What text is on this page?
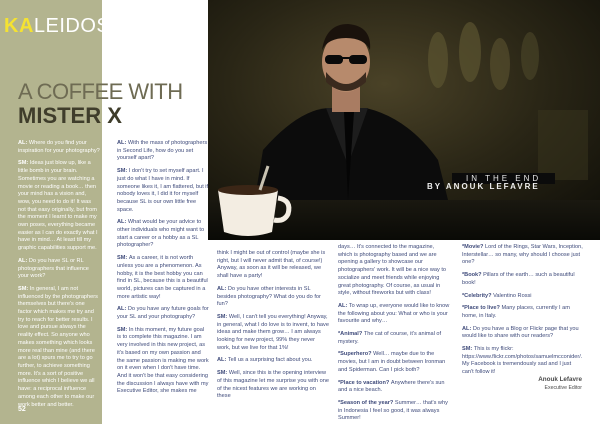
KALEIDOS
A COFFEE WITH
MISTER X
IN THE END
BY ANOUK LEFAVRE

AL: Where do you find your inspiration for your photography?

SM: Ideas just blow up, like a little bomb in your brain. Sometimes you are watching a movie or reading a book… then your mind has a vision and, wow, you need to do it! It was not that easy originally, but from the moment I learnt to make my own poses, everything became easier as I can do exactly what I have in mind… At least till my graphic capabilities support me.

AL: Do you have SL or RL photographers that influence your work?

SM: In general, I am not influenced by the photographers themselves but there's one factor which makes me try and try to reach for better results. I love and pursue always the reality effect. So anyone who makes something which looks more real than mine (and there are a lot) spurs me to try to go further, to achieve something more. It's a sort of positive influence which I believe we all have: a reciprocal influence among each other to make our work better and better.

AL: With the mass of photographers in Second Life, how do you set yourself apart?

SM: I don't try to set myself apart. I just do what I have in mind. If someone likes it, I am flattered, but if nobody loves it, I did it for myself because SL is our own little free space.

AL: What would be your advice to other individuals who might want to start a career or a hobby as a SL photographer?

SM: As a career, it is not worth unless you are a phenomenon. As hobby, it is the best hobby you can find in SL, because this is a beautiful world, pictures can be captured in a more artistic way!

AL: Do you have any future goals for your SL and your photography?

SM: In this moment, my future goal is to complete this magazine. I am very involved in this new project, as it's based on my own passion and the same passion is making me work on it even when I don't have time. And it won't be that easy considering the discussion I always have with my Executive Editor, she makes me

think I might be out of control (maybe she is right, but I will never admit that, of course!) Anyway, as soon as it will be released, we shall have a party!

AL: Do you have other interests in SL besides photography? What do you do for fun?

SM: Well, I can't tell you everything! Anyway, in general, what I do love is to invent, to have ideas and make them grow… I am always looking for new project, 99% they never work, but we live for that 1%!

AL: Tell us a surprising fact about you.

SM: Well, since this is the opening interview of this magazine let me surprise you with one of the nicest features we are working on these

days… It's connected to the magazine, which is photography based and we are opening a gallery to showcase our photographers' work. It will be a nice way to socialize and meet friends while enjoying great photography. Of course, as usual in style, without fireworks but with class!

AL: To wrap up, everyone would like to know the following about you: What or who is your favourite and why…

*Animal? The cat of course, it's animal of mystery.

*Superhero? Well… maybe due to the movies, but I am in doubt between Ironman and Spiderman. Can I pick both?

*Place to vacation? Anywhere there's sun and a nice beach.

*Season of the year? Summer… that's why in Indonesia I feel so good, it was always Summer!

*Movie? Lord of the Rings, Star Wars, Inception, Interstellar… so many, why should I choose just one?

*Book? Pillars of the earth… such a beautiful book!

*Celebrity? Valentino Rossi

*Place to live? Many places, currently I am home, in Italy.

AL: Do you have a Blog or Flickr page that you would like to share with our readers?

SM: This is my flickr: https://www.flickr.com/photos/samuelmcconider/. My Facebook is tremendously sad and I just can't follow it!

Anouk Lefavre
Executive Editor
52
